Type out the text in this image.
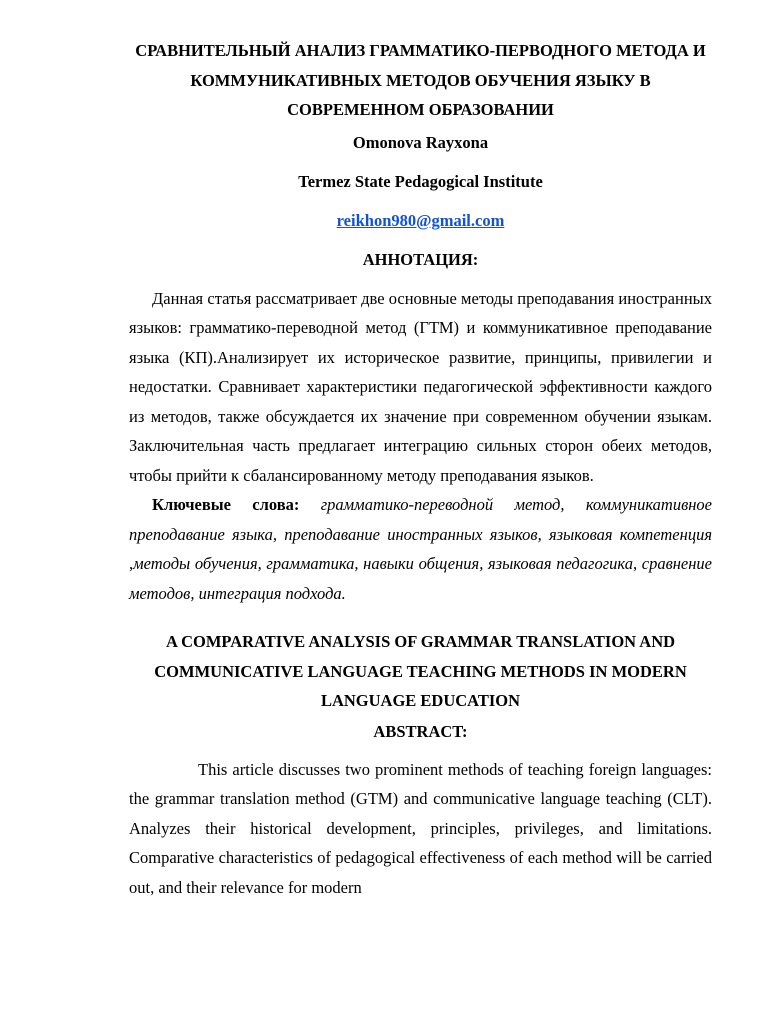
СРАВНИТЕЛЬНЫЙ АНАЛИЗ ГРАММАТИКО-ПЕРВОДНОГО МЕТОДА И КОММУНИКАТИВНЫХ МЕТОДОВ ОБУЧЕНИЯ ЯЗЫКУ В СОВРЕМЕННОМ ОБРАЗОВАНИИ

Omonova Rayxona

Termez State Pedagogical Institute

reikhon980@gmail.com

АННОТАЦИЯ:

Данная статья рассматривает две основные методы преподавания иностранных языков: грамматико-переводной метод (ГТМ) и коммуникативное преподавание языка (КП).Анализирует их историческое развитие, принципы, привилегии и недостатки. Сравнивает характеристики педагогической эффективности каждого из методов, также обсуждается их значение при современном обучении языкам. Заключительная часть предлагает интеграцию сильных сторон обеих методов, чтобы прийти к сбалансированному методу преподавания языков.

Ключевые слова: грамматико-переводной метод, коммуникативное преподавание языка, преподавание иностранных языков, языковая компетенция ,методы обучения, грамматика, навыки общения, языковая педагогика, сравнение методов, интеграция подхода.

A COMPARATIVE ANALYSIS OF GRAMMAR TRANSLATION AND COMMUNICATIVE LANGUAGE TEACHING METHODS IN MODERN LANGUAGE EDUCATION

ABSTRACT:

This article discusses two prominent methods of teaching foreign languages: the grammar translation method (GTM) and communicative language teaching (CLT). Analyzes their historical development, principles, privileges, and limitations. Comparative characteristics of pedagogical effectiveness of each method will be carried out, and their relevance for modern
